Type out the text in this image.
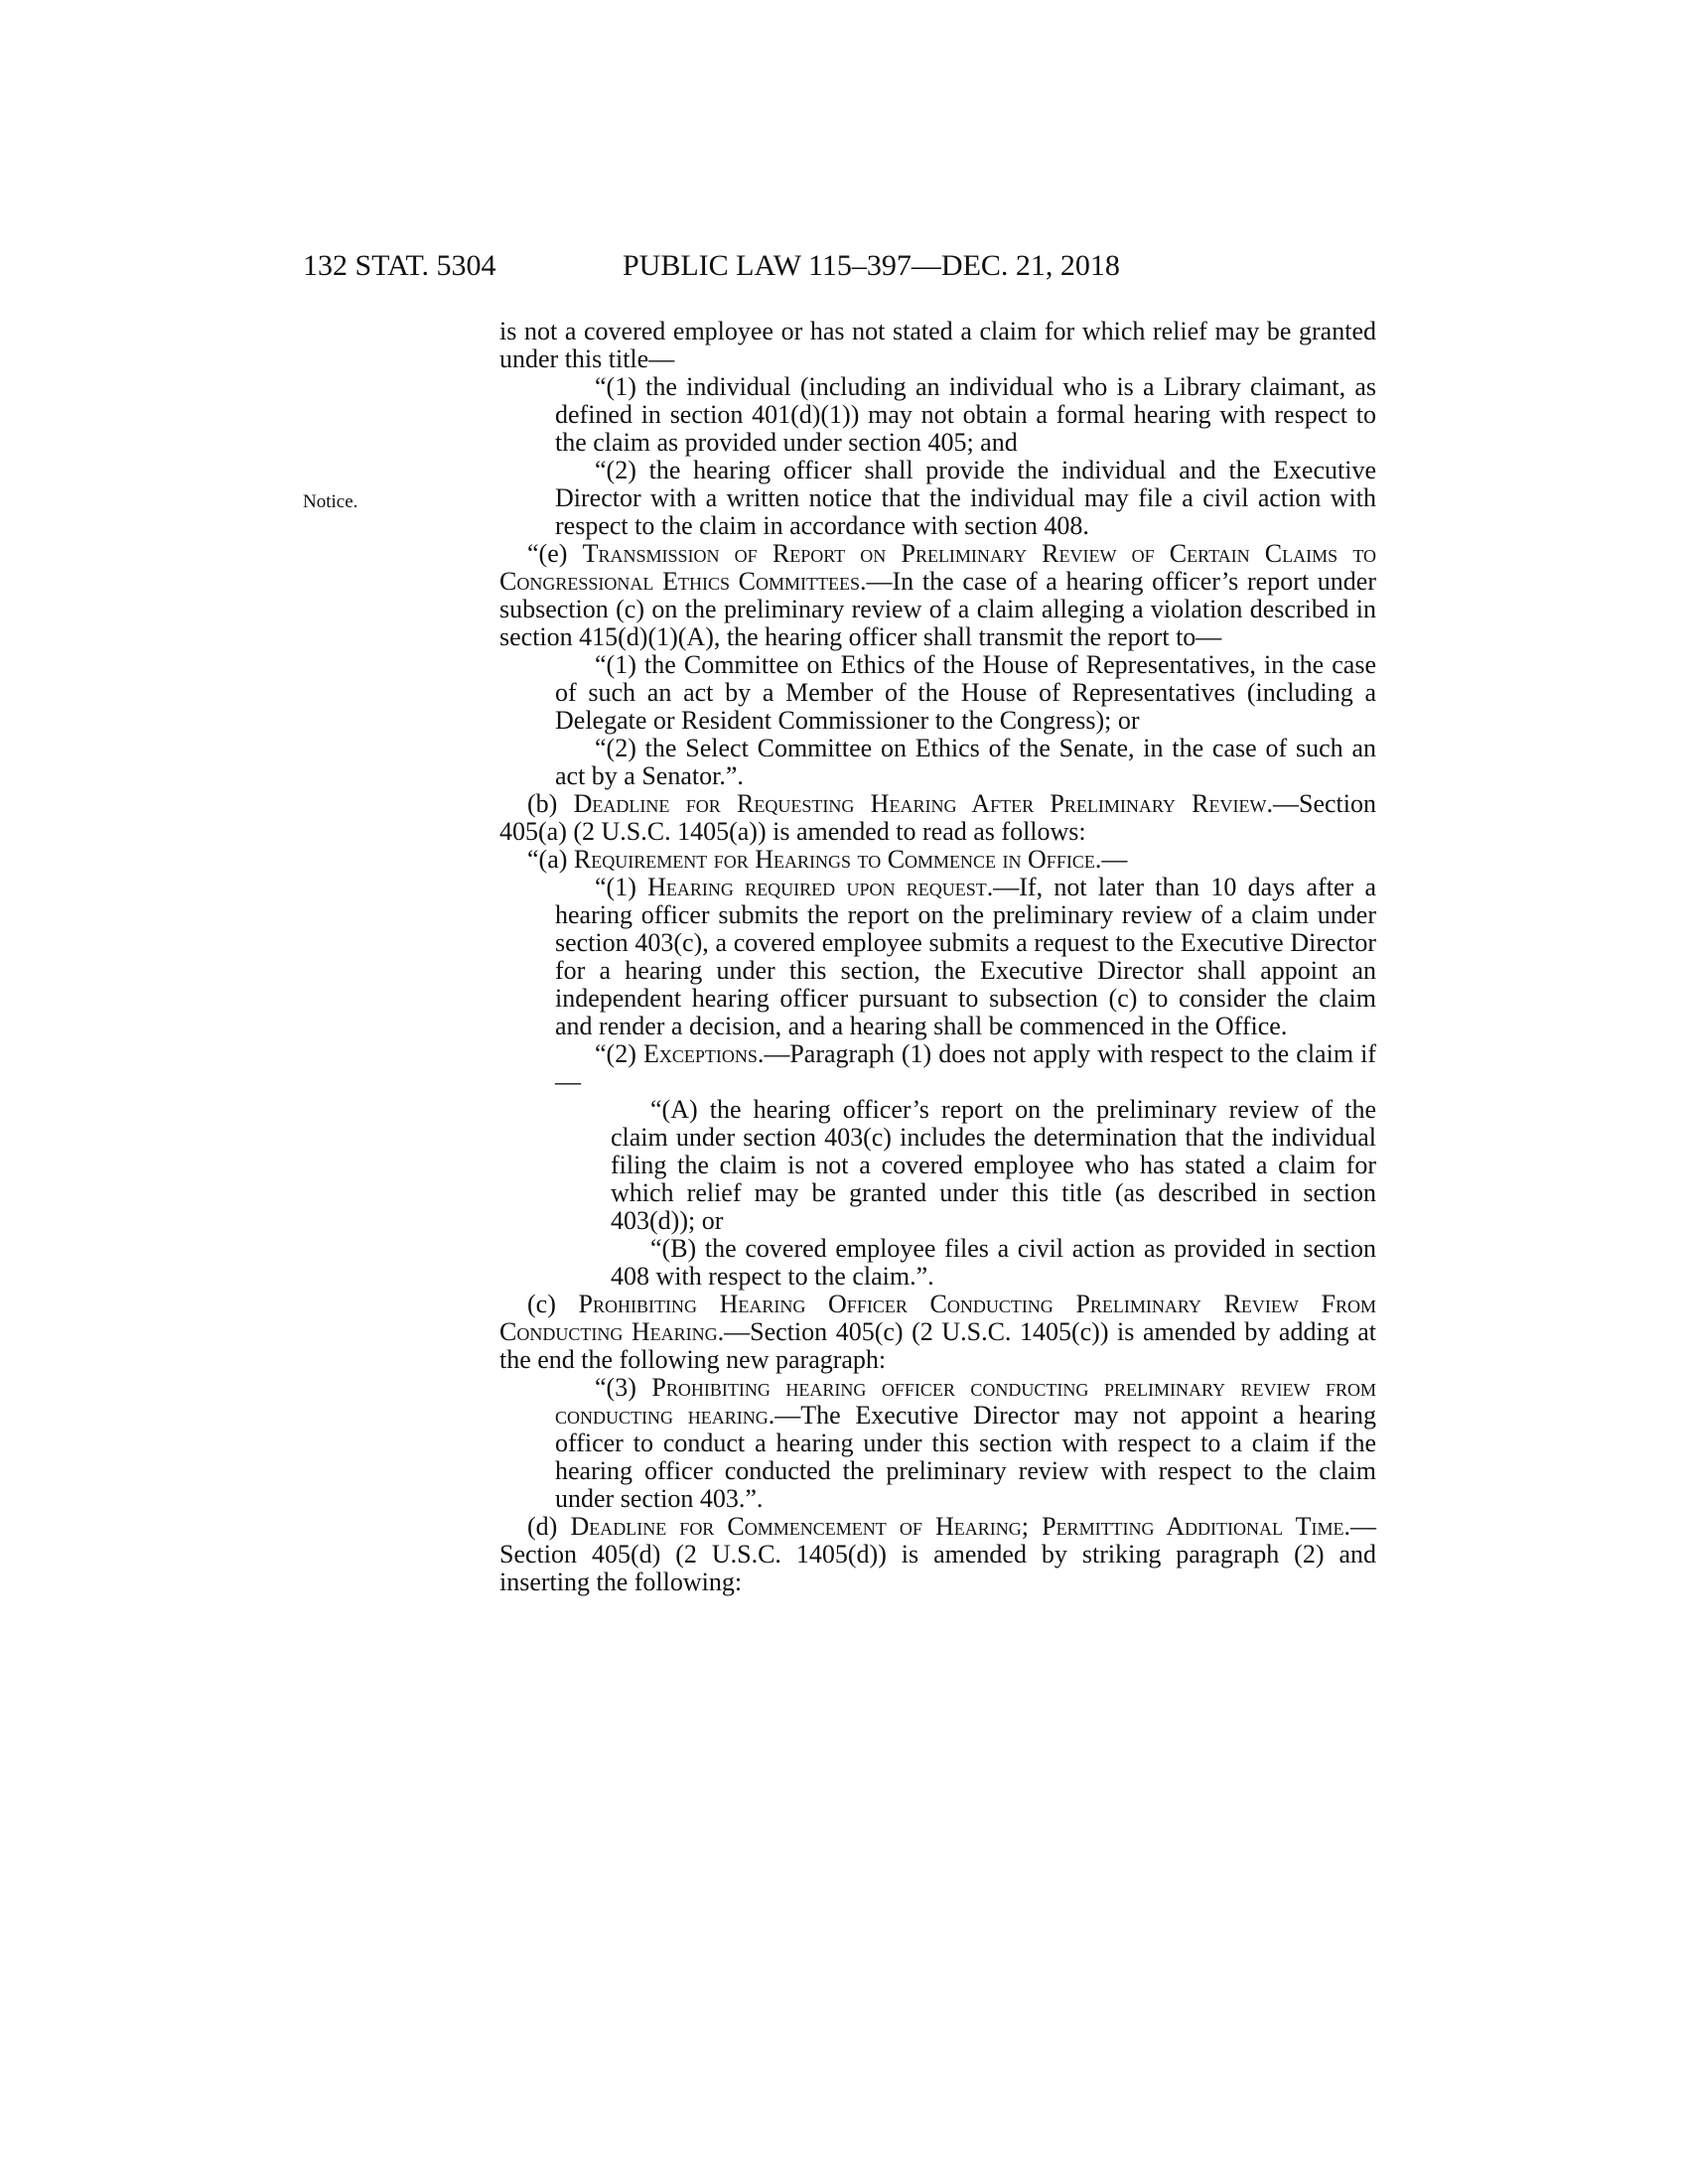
132 STAT. 5304	PUBLIC LAW 115–397—DEC. 21, 2018
Notice.

is not a covered employee or has not stated a claim for which relief may be granted under this title—

“(1) the individual (including an individual who is a Library claimant, as defined in section 401(d)(1)) may not obtain a formal hearing with respect to the claim as provided under section 405; and

“(2) the hearing officer shall provide the individual and the Executive Director with a written notice that the individual may file a civil action with respect to the claim in accordance with section 408.

“(e) Transmission of Report on Preliminary Review of Certain Claims to Congressional Ethics Committees.—In the case of a hearing officer’s report under subsection (c) on the preliminary review of a claim alleging a violation described in section 415(d)(1)(A), the hearing officer shall transmit the report to—

“(1) the Committee on Ethics of the House of Representatives, in the case of such an act by a Member of the House of Representatives (including a Delegate or Resident Commissioner to the Congress); or

“(2) the Select Committee on Ethics of the Senate, in the case of such an act by a Senator.”.

(b) Deadline for Requesting Hearing After Preliminary Review.—Section 405(a) (2 U.S.C. 1405(a)) is amended to read as follows:

“(a) Requirement for Hearings to Commence in Office.—

“(1) Hearing required upon request.—If, not later than 10 days after a hearing officer submits the report on the preliminary review of a claim under section 403(c), a covered employee submits a request to the Executive Director for a hearing under this section, the Executive Director shall appoint an independent hearing officer pursuant to subsection (c) to consider the claim and render a decision, and a hearing shall be commenced in the Office.

“(2) Exceptions.—Paragraph (1) does not apply with respect to the claim if—

“(A) the hearing officer’s report on the preliminary review of the claim under section 403(c) includes the determination that the individual filing the claim is not a covered employee who has stated a claim for which relief may be granted under this title (as described in section 403(d)); or

“(B) the covered employee files a civil action as provided in section 408 with respect to the claim.”.

(c) Prohibiting Hearing Officer Conducting Preliminary Review From Conducting Hearing.—Section 405(c) (2 U.S.C. 1405(c)) is amended by adding at the end the following new paragraph:

“(3) Prohibiting hearing officer conducting preliminary review from conducting hearing.—The Executive Director may not appoint a hearing officer to conduct a hearing under this section with respect to a claim if the hearing officer conducted the preliminary review with respect to the claim under section 403.”.

(d) Deadline for Commencement of Hearing; Permitting Additional Time.—Section 405(d) (2 U.S.C. 1405(d)) is amended by striking paragraph (2) and inserting the following:
